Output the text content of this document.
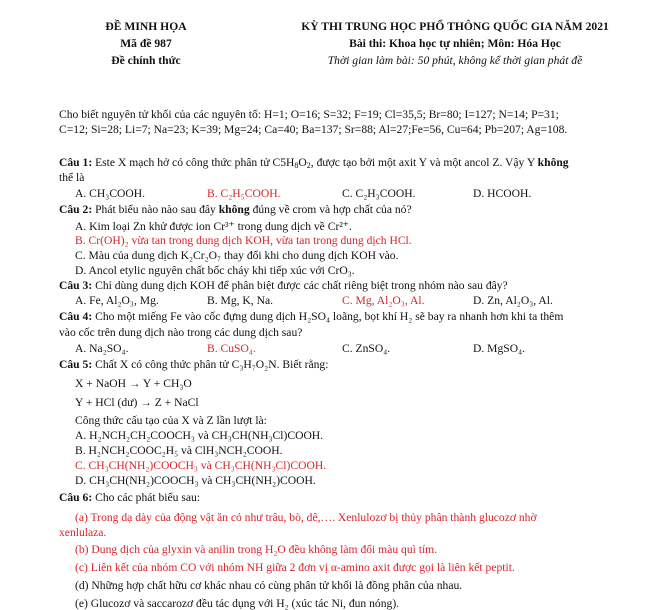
ĐỀ MINH HỌA
Mã đề 987
Đề chính thức
KỲ THI TRUNG HỌC PHỔ THÔNG QUỐC GIA NĂM 2021
Bài thi: Khoa học tự nhiên; Môn: Hóa Học
Thời gian làm bài: 50 phút, không kể thời gian phát đề
Cho biết nguyên tử khối của các nguyên tố: H=1; O=16; S=32; F=19; Cl=35,5; Br=80; I=127; N=14; P=31;
C=12; Si=28; Li=7; Na=23; K=39; Mg=24; Ca=40; Ba=137; Sr=88; Al=27;Fe=56, Cu=64; Pb=207; Ag=108.
Câu 1: Este X mạch hở có công thức phân tử $C5H_8O_2$, được tạo bởi một axit Y và một ancol Z. Vậy Y không
thể là
A. CH₃COOH.	B. C₂H₅COOH.	C. C₂H₃COOH.	D. HCOOH.
Câu 2: Phát biểu nào nào sau đây không đúng về crom và hợp chất của nó?
A. Kim loại Zn khử được ion Cr³⁺ trong dung dịch về Cr²⁺.
B. Cr(OH)₂ vừa tan trong dung dịch KOH, vừa tan trong dung dịch HCl.
C. Màu của dung dịch K₂Cr₂O₇ thay đổi khi cho dung dịch KOH vào.
D. Ancol etylic nguyên chất bốc cháy khi tiếp xúc với CrO₃.
Câu 3: Chỉ dùng dung dịch KOH để phân biệt được các chất riêng biệt trong nhóm nào sau đây?
A. Fe, Al₂O₃, Mg.	B. Mg, K, Na.	C. Mg, Al₂O₃, Al.	D. Zn, Al₂O₃, Al.
Câu 4: Cho một miếng Fe vào cốc đựng dung dịch H₂SO₄ loãng, bọt khí H₂ sẽ bay ra nhanh hơn khi ta thêm
vào cốc trên dung dịch nào trong các dung dịch sau?
A. Na₂SO₄.	B. CuSO₄.	C. ZnSO₄.	D. MgSO₄.
Câu 5: Chất X có công thức phân tử C₃H₇O₂N. Biết rằng:
X + NaOH → Y + CH₃O
Y + HCl (dư) → Z + NaCl
Công thức cấu tạo của X và Z lần lượt là:
A. H₂NCH₂CH₂COOCH₃ và CH₃CH(NH₃Cl)COOH.
B. H₂NCH₂COOC₂H₅ và ClH₃NCH₂COOH.
C. CH₃CH(NH₂)COOCH₃ và CH₃CH(NH₃Cl)COOH.
D. CH₃CH(NH₂)COOCH₃ và CH₃CH(NH₂)COOH.
Câu 6: Cho các phát biểu sau:
(a) Trong dạ dày của động vật ăn cỏ như trâu, bò, dê,…. Xenlulozơ bị thủy phân thành glucozơ nhờ
xenlulaza.
(b) Dung dịch của glyxin và anilin trong H₂O đều không làm đổi màu quì tím.
(c) Liên kết của nhóm CO với nhóm NH giữa 2 đơn vị α-amino axit được gọi là liên kết peptit.
(d) Những hợp chất hữu cơ khác nhau có cùng phân tử khối là đồng phân của nhau.
(e) Glucozơ và saccarozơ đều tác dụng với H₂ (xúc tác Ni, đun nóng).
